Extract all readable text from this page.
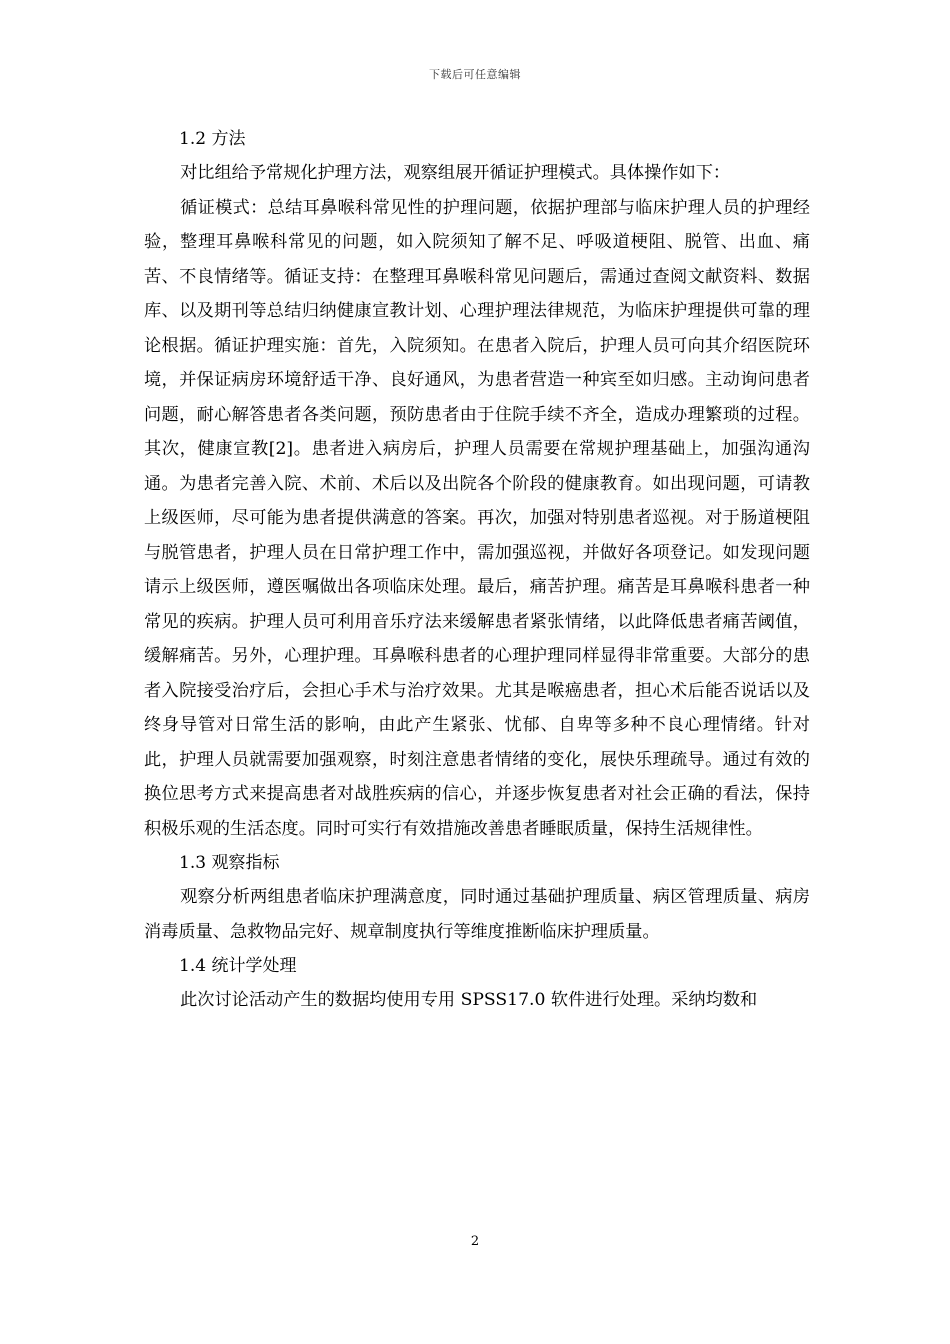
下载后可任意编辑
1.2 方法

对比组给予常规化护理方法，观察组展开循证护理模式。具体操作如下：

循证模式：总结耳鼻喉科常见性的护理问题，依据护理部与临床护理人员的护理经验，整理耳鼻喉科常见的问题，如入院须知了解不足、呼吸道梗阻、脱管、出血、痛苦、不良情绪等。循证支持：在整理耳鼻喉科常见问题后，需通过查阅文献资料、数据库、以及期刊等总结归纳健康宣教计划、心理护理法律规范，为临床护理提供可靠的理论根据。循证护理实施：首先，入院须知。在患者入院后，护理人员可向其介绍医院环境，并保证病房环境舒适干净、良好通风，为患者营造一种宾至如归感。主动询问患者问题，耐心解答患者各类问题，预防患者由于住院手续不齐全，造成办理繁琐的过程。其次，健康宣教[2]。患者进入病房后，护理人员需要在常规护理基础上，加强沟通沟通。为患者完善入院、术前、术后以及出院各个阶段的健康教育。如出现问题，可请教上级医师，尽可能为患者提供满意的答案。再次，加强对特别患者巡视。对于肠道梗阻与脱管患者，护理人员在日常护理工作中，需加强巡视，并做好各项登记。如发现问题请示上级医师，遵医嘱做出各项临床处理。最后，痛苦护理。痛苦是耳鼻喉科患者一种常见的疾病。护理人员可利用音乐疗法来缓解患者紧张情绪，以此降低患者痛苦阈值，缓解痛苦。另外，心理护理。耳鼻喉科患者的心理护理同样显得非常重要。大部分的患者入院接受治疗后，会担心手术与治疗效果。尤其是喉癌患者，担心术后能否说话以及终身导管对日常生活的影响，由此产生紧张、忧郁、自卑等多种不良心理情绪。针对此，护理人员就需要加强观察，时刻注意患者情绪的变化，展快乐理疏导。通过有效的换位思考方式来提高患者对战胜疾病的信心，并逐步恢复患者对社会正确的看法，保持积极乐观的生活态度。同时可实行有效措施改善患者睡眠质量，保持生活规律性。

1.3 观察指标

观察分析两组患者临床护理满意度，同时通过基础护理质量、病区管理质量、病房消毒质量、急救物品完好、规章制度执行等维度推断临床护理质量。

1.4 统计学处理

此次讨论活动产生的数据均使用专用 SPSS17.0 软件进行处理。采纳均数和

2
